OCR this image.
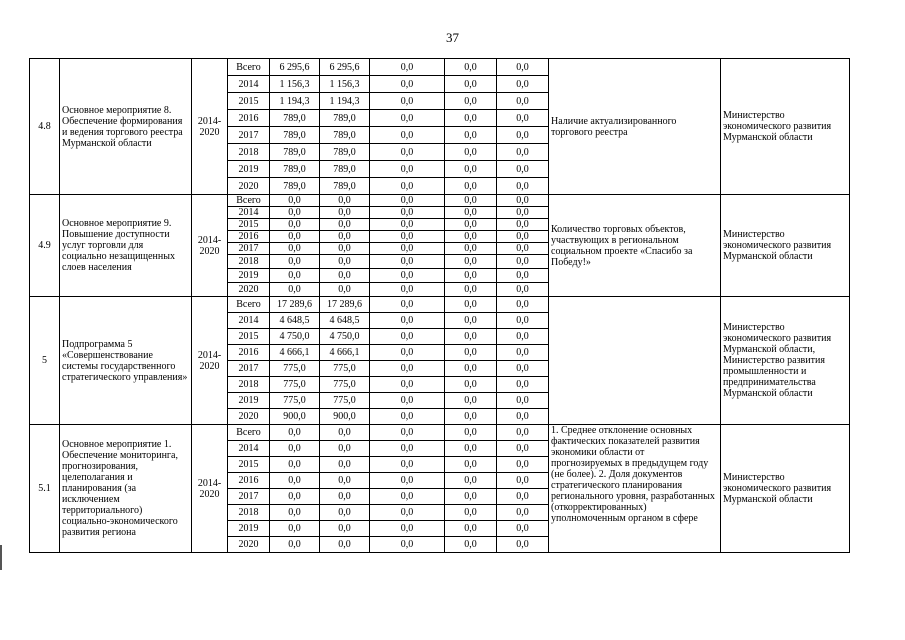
37
4.8	Основное мероприятие 8. Обеспечение формирования и ведения торгового реестра Мурманской области	2014-2020	Всего	6 295,6	6 295,6	0,0	0,0	0,0	Наличие актуализированного торгового реестра	Министерство экономического развития Мурманской области
			2014	1 156,3	1 156,3	0,0	0,0	0,0		
			2015	1 194,3	1 194,3	0,0	0,0	0,0		
			2016	789,0	789,0	0,0	0,0	0,0		
			2017	789,0	789,0	0,0	0,0	0,0		
			2018	789,0	789,0	0,0	0,0	0,0		
			2019	789,0	789,0	0,0	0,0	0,0		
			2020	789,0	789,0	0,0	0,0	0,0		
4.9	Основное мероприятие 9. Повышение доступности услуг торговли для социально незащищенных слоев населения	2014-2020	Всего	0,0	0,0	0,0	0,0	0,0	Количество торговых объектов, участвующих в региональном социальном проекте «Спасибо за Победу!»	Министерство экономического развития Мурманской области
			2014	0,0	0,0	0,0	0,0	0,0		
			2015	0,0	0,0	0,0	0,0	0,0		
			2016	0,0	0,0	0,0	0,0	0,0		
			2017	0,0	0,0	0,0	0,0	0,0		
			2018	0,0	0,0	0,0	0,0	0,0		
			2019	0,0	0,0	0,0	0,0	0,0		
			2020	0,0	0,0	0,0	0,0	0,0		
5	Подпрограмма 5 «Совершенствование системы государственного стратегического управления»	2014-2020	Всего	17 289,6	17 289,6	0,0	0,0	0,0		Министерство экономического развития Мурманской области, Министерство развития промышленности и предпринимательства Мурманской области
			2014	4 648,5	4 648,5	0,0	0,0	0,0		
			2015	4 750,0	4 750,0	0,0	0,0	0,0		
			2016	4 666,1	4 666,1	0,0	0,0	0,0		
			2017	775,0	775,0	0,0	0,0	0,0		
			2018	775,0	775,0	0,0	0,0	0,0		
			2019	775,0	775,0	0,0	0,0	0,0		
			2020	900,0	900,0	0,0	0,0	0,0		
5.1	Основное мероприятие 1. Обеспечение мониторинга, прогнозирования, целеполагания и планирования (за исключением территориального) социально-экономического развития региона	2014-2020	Всего	0,0	0,0	0,0	0,0	0,0	1. Среднее отклонение основных фактических показателей развития экономики области от прогнозируемых в предыдущем году (не более). 2. Доля документов стратегического планирования регионального уровня, разработанных (откорректированных) уполномоченным органом в сфере	Министерство экономического развития Мурманской области
			2014	0,0	0,0	0,0	0,0	0,0		
			2015	0,0	0,0	0,0	0,0	0,0		
			2016	0,0	0,0	0,0	0,0	0,0		
			2017	0,0	0,0	0,0	0,0	0,0		
			2018	0,0	0,0	0,0	0,0	0,0		
			2019	0,0	0,0	0,0	0,0	0,0		
			2020	0,0	0,0	0,0	0,0	0,0		
